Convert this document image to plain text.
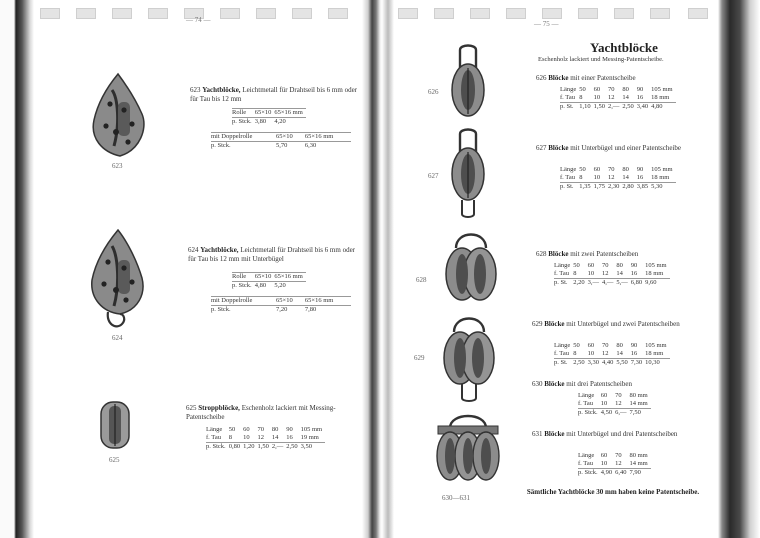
— 74 —
623
623 Yachtblöcke, Leichtmetall für Drahtseil bis 6 mm oder für Tau bis 12 mm
Rolle	65×10	65×16 mm
p. Stck.	3,80	4,20
mit Doppelrolle	65×10	65×16 mm
p. Stck.	5,70	6,30
624
624 Yachtblöcke, Leichtmetall für Drahtseil bis 6 mm oder für Tau bis 12 mm mit Unterbügel
Rolle	65×10	65×16 mm
p. Stck.	4,80	5,20
mit Doppelrolle	65×10	65×16 mm
p. Stck.	7,20	7,80
625
625 Stroppblöcke, Eschenholz lackiert mit Messing-Patentscheibe
Länge	50	60	70	80	90	105 mm
f. Tau	8	10	12	14	16	19 mm
p. Stck.	0,80	1,20	1,50	2,—	2,50	3,50
— 75 —
Yachtblöcke
Eschenholz lackiert und Messing-Patentscheibe.
626
626 Blöcke mit einer Patentscheibe
Länge	50	60	70	80	90	105 mm
f. Tau	8	10	12	14	16	18 mm
p. St.	1,10	1,50	2,—	2,50	3,40	4,80
627
627 Blöcke mit Unterbügel und einer Patentscheibe
Länge	50	60	70	80	90	105 mm
f. Tau	8	10	12	14	16	18 mm
p. St.	1,35	1,75	2,30	2,80	3,85	5,30
628
628 Blöcke mit zwei Patentscheiben
Länge	50	60	70	80	90	105 mm
f. Tau	8	10	12	14	16	18 mm
p. St.	2,20	3,—	4,—	5,—	6,80	9,60
629
629 Blöcke mit Unterbügel und zwei Patentscheiben
Länge	50	60	70	80	90	105 mm
f. Tau	8	10	12	14	16	18 mm
p. St.	2,50	3,30	4,40	5,50	7,30	10,30
630—631
630 Blöcke mit drei Patentscheiben
Länge	60	70	80 mm
f. Tau	10	12	14 mm
p. Stck.	4,50	6,—	7,50
631 Blöcke mit Unterbügel und drei Patentscheiben
Länge	60	70	80 mm
f. Tau	10	12	14 mm
p. Stck.	4,90	6,40	7,90
Sämtliche Yachtblöcke 30 mm haben keine Patentscheibe.
